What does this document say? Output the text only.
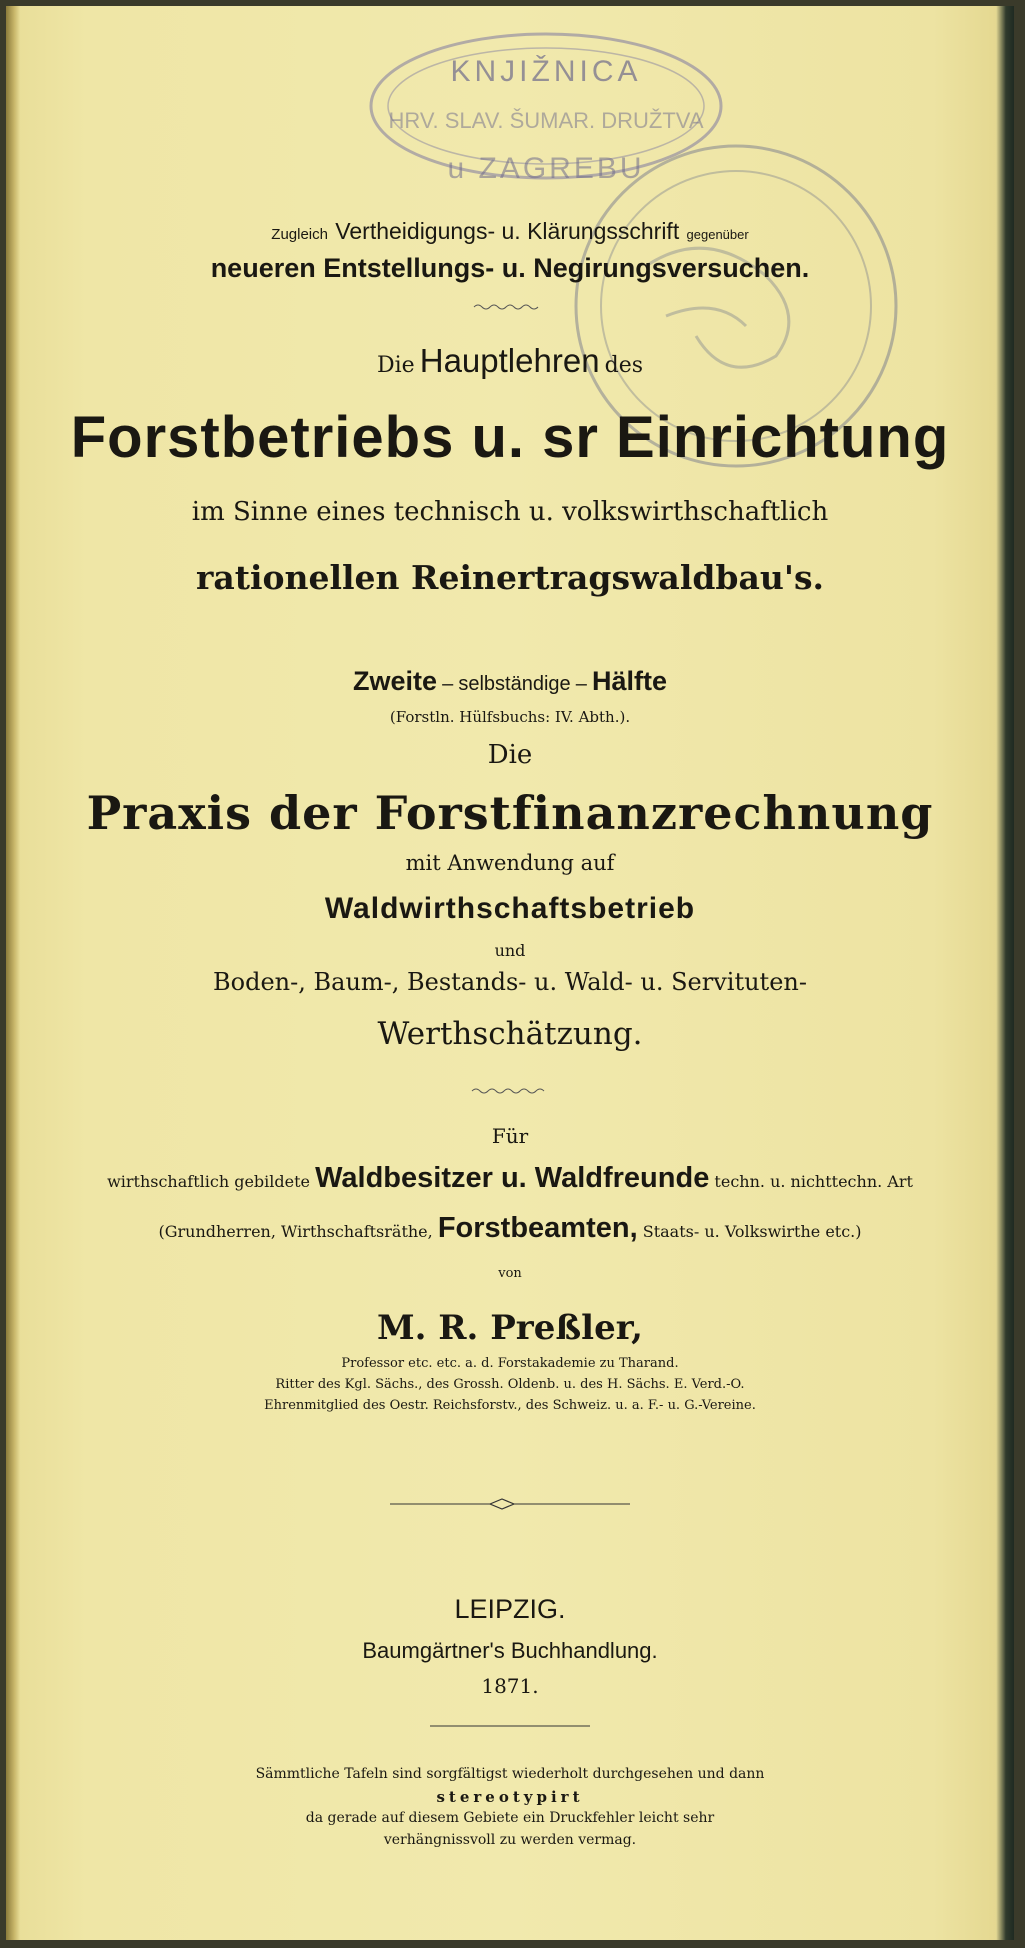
KNJIŽNICA
HRV. SLAV. ŠUMAR. DRUŽTVA
u ZAGREBU
Zugleich Vertheidigungs- u. Klärungsschrift gegenüber
neueren Entstellungs- u. Negirungsversuchen.
Die Hauptlehren des
Forstbetriebs u. sr Einrichtung
im Sinne eines technisch u. volkswirthschaftlich
rationellen Reinertragswaldbau's.
Zweite – selbständige – Hälfte
(Forstln. Hülfsbuchs: IV. Abth.).
Die
Praxis der Forstfinanzrechnung
mit Anwendung auf
Waldwirthschaftsbetrieb
und
Boden-, Baum-, Bestands- u. Wald- u. Servituten-
Werthschätzung.
Für
wirthschaftlich gebildete Waldbesitzer u. Waldfreunde techn. u. nichttechn. Art
(Grundherren, Wirthschaftsräthe, Forstbeamten, Staats- u. Volkswirthe etc.)
von
M. R. Preßler,
Professor etc. etc. a. d. Forstakademie zu Tharand.
Ritter des Kgl. Sächs., des Grossh. Oldenb. u. des H. Sächs. E. Verd.-O.
Ehrenmitglied des Oestr. Reichsforstv., des Schweiz. u. a. F.- u. G.-Vereine.
LEIPZIG.
Baumgärtner's Buchhandlung.
1871.
Sämmtliche Tafeln sind sorgfältigst wiederholt durchgesehen und dann
stereotypirt
da gerade auf diesem Gebiete ein Druckfehler leicht sehr
verhängnissvoll zu werden vermag.
